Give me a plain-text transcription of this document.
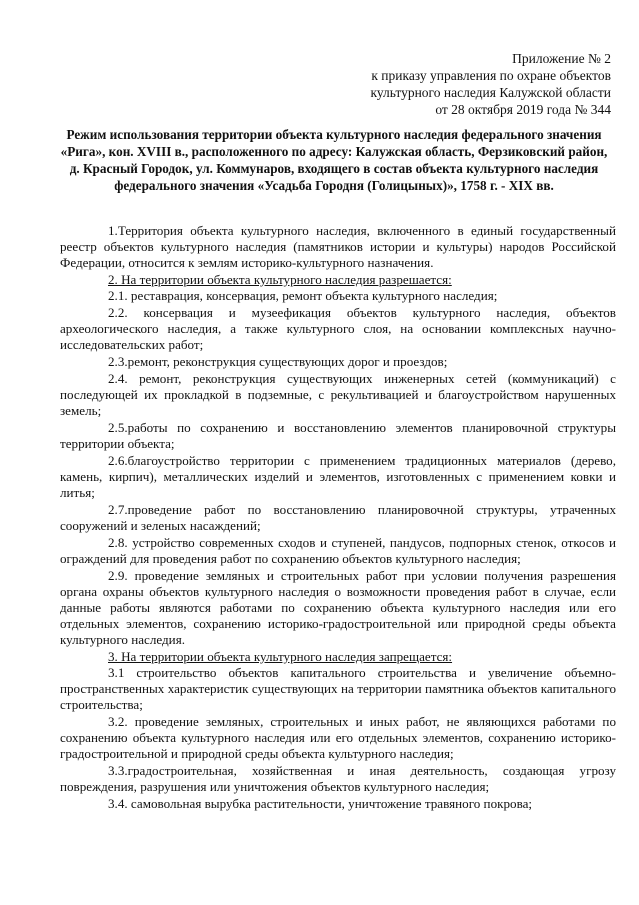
Приложение № 2
к приказу управления по охране объектов
культурного наследия Калужской области
от 28 октября 2019 года № 344
Режим использования территории объекта культурного наследия федерального значения «Рига», кон. XVIII в., расположенного по адресу: Калужская область, Ферзиковский район, д. Красный Городок, ул. Коммунаров, входящего в состав объекта культурного наследия федерального значения «Усадьба Городня (Голицыных)», 1758 г. - XIX вв.

1.Территория объекта культурного наследия, включенного в единый государственный реестр объектов культурного наследия (памятников истории и культуры) народов Российской Федерации, относится к землям историко-культурного назначения.

2. На территории объекта культурного наследия разрешается:

2.1. реставрация, консервация, ремонт объекта культурного наследия;

2.2. консервация и музеефикация объектов культурного наследия, объектов археологического наследия, а также культурного слоя, на основании комплексных научно-исследовательских работ;

2.3.ремонт, реконструкция существующих дорог и проездов;

2.4. ремонт, реконструкция существующих инженерных сетей (коммуникаций) с последующей их прокладкой в подземные, с рекультивацией и благоустройством нарушенных земель;

2.5.работы по сохранению и восстановлению элементов планировочной структуры территории объекта;

2.6.благоустройство территории с применением традиционных материалов (дерево, камень, кирпич), металлических изделий и элементов, изготовленных с применением ковки и литья;

2.7.проведение работ по восстановлению планировочной структуры, утраченных сооружений и зеленых насаждений;

2.8. устройство современных сходов и ступеней, пандусов, подпорных стенок, откосов и ограждений для проведения работ по сохранению объектов культурного наследия;

2.9. проведение земляных и строительных работ при условии получения разрешения органа охраны объектов культурного наследия о возможности проведения работ в случае, если данные работы являются работами по сохранению объекта культурного наследия или его отдельных элементов, сохранению историко-градостроительной или природной среды объекта культурного наследия.

3. На территории объекта культурного наследия запрещается:

3.1 строительство объектов капитального строительства и увеличение объемно-пространственных характеристик существующих на территории памятника объектов капитального строительства;

3.2. проведение земляных, строительных и иных работ, не являющихся работами по сохранению объекта культурного наследия или его отдельных элементов, сохранению историко-градостроительной и природной среды объекта культурного наследия;

3.3.градостроительная, хозяйственная и иная деятельность, создающая угрозу повреждения, разрушения или уничтожения объектов культурного наследия;

3.4. самовольная вырубка растительности, уничтожение травяного покрова;
